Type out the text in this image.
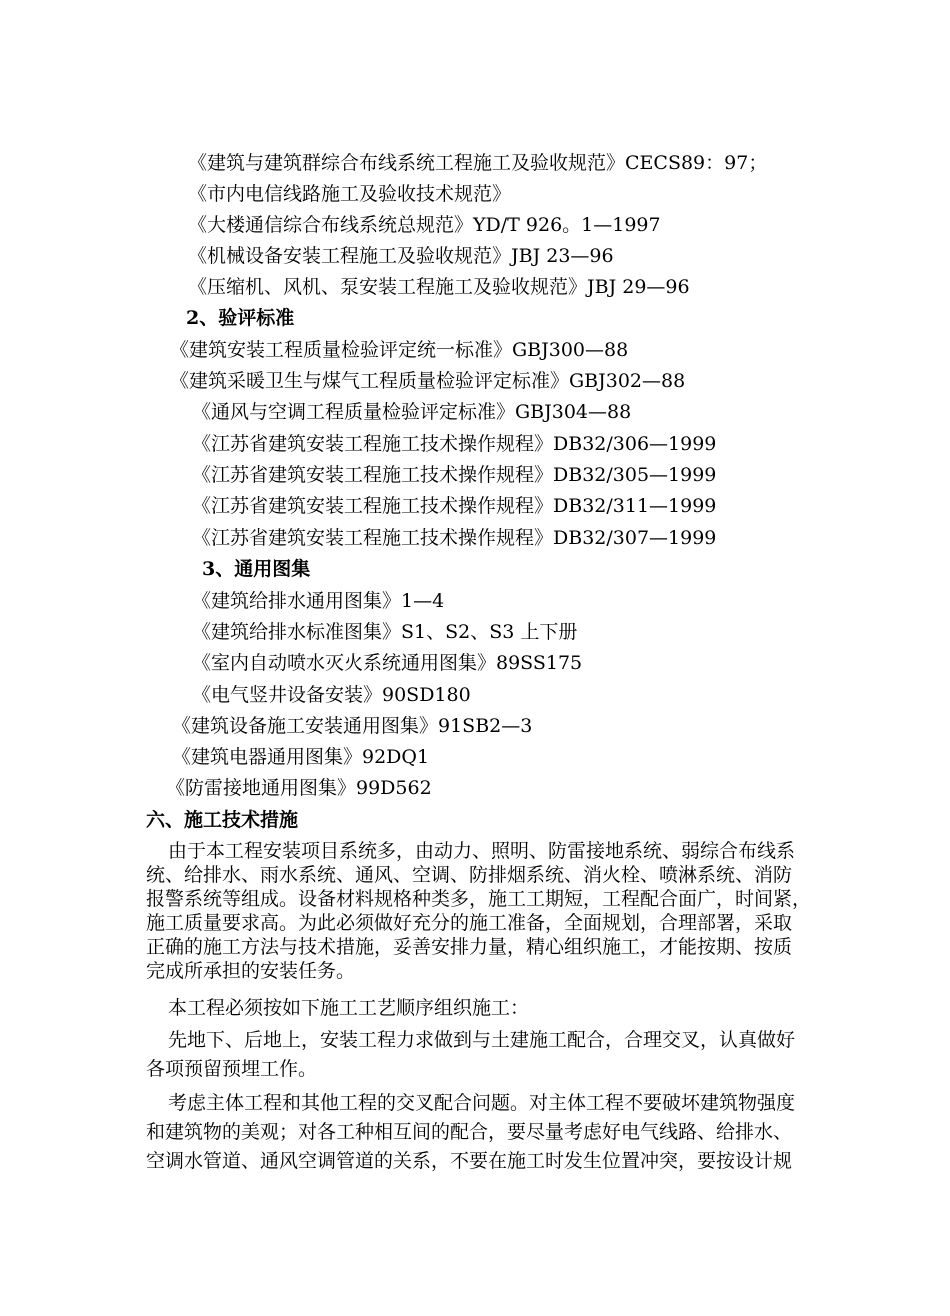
《建筑与建筑群综合布线系统工程施工及验收规范》CECS89：97；
《市内电信线路施工及验收技术规范》
《大楼通信综合布线系统总规范》YD/T 926。1—1997
《机械设备安装工程施工及验收规范》JBJ 23—96
《压缩机、风机、泵安装工程施工及验收规范》JBJ 29—96
2、验评标准
《建筑安装工程质量检验评定统一标准》GBJ300—88
《建筑采暖卫生与煤气工程质量检验评定标准》GBJ302—88
《通风与空调工程质量检验评定标准》GBJ304—88
《江苏省建筑安装工程施工技术操作规程》DB32/306—1999
《江苏省建筑安装工程施工技术操作规程》DB32/305—1999
《江苏省建筑安装工程施工技术操作规程》DB32/311—1999
《江苏省建筑安装工程施工技术操作规程》DB32/307—1999
3、通用图集
《建筑给排水通用图集》1—4
《建筑给排水标准图集》S1、S2、S3 上下册
《室内自动喷水灭火系统通用图集》89SS175
《电气竖井设备安装》90SD180
《建筑设备施工安装通用图集》91SB2—3
《建筑电器通用图集》92DQ1
《防雷接地通用图集》99D562
六、施工技术措施
由于本工程安装项目系统多，由动力、照明、防雷接地系统、弱综合布线系
统、给排水、雨水系统、通风、空调、防排烟系统、消火栓、喷淋系统、消防
报警系统等组成。设备材料规格种类多，施工工期短，工程配合面广，时间紧，
施工质量要求高。为此必须做好充分的施工准备，全面规划，合理部署，采取
正确的施工方法与技术措施，妥善安排力量，精心组织施工，才能按期、按质
完成所承担的安装任务。
本工程必须按如下施工工艺顺序组织施工：
先地下、后地上，安装工程力求做到与土建施工配合，合理交叉，认真做好
各项预留预埋工作。
考虑主体工程和其他工程的交叉配合问题。对主体工程不要破坏建筑物强度
和建筑物的美观；对各工种相互间的配合，要尽量考虑好电气线路、给排水、
空调水管道、通风空调管道的关系，不要在施工时发生位置冲突，要按设计规
